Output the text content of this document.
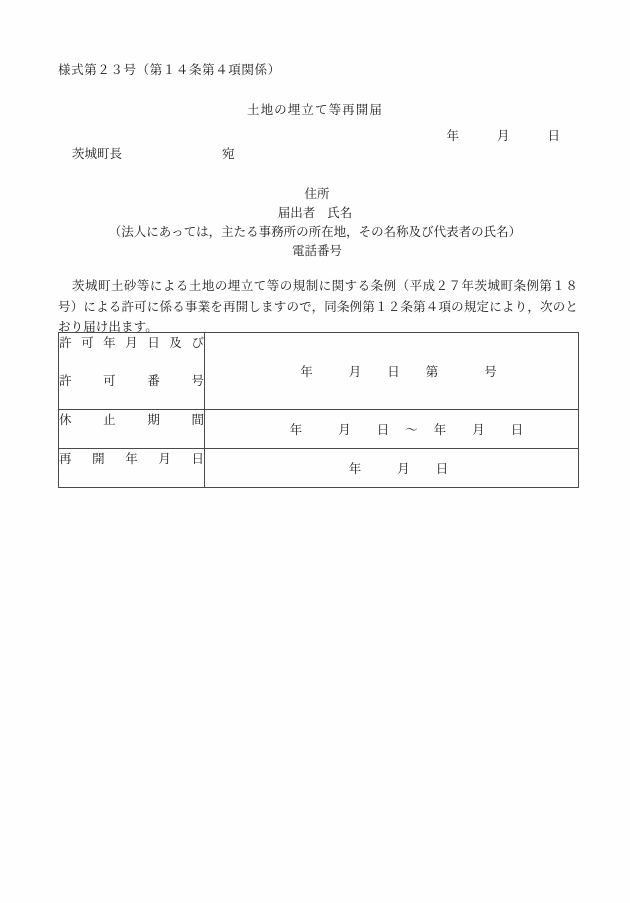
様式第２３号（第１４条第４項関係）
土地の埋立て等再開届
年	月	日
茨城町長	宛
住所
届出者 氏名
（法人にあっては，主たる事務所の所在地，その名称及び代表者の氏名）
電話番号
茨城町土砂等による土地の埋立て等の規制に関する条例（平成２７年茨城町条例第１８号）による許可に係る事業を再開しますので，同条例第１２条第４項の規定により，次のとおり届け出ます。
許可年月日及び
許可番号	年 月 日 第 号

休止期間	年 月 日 〜 年 月 日

再開年月日	年 月 日
